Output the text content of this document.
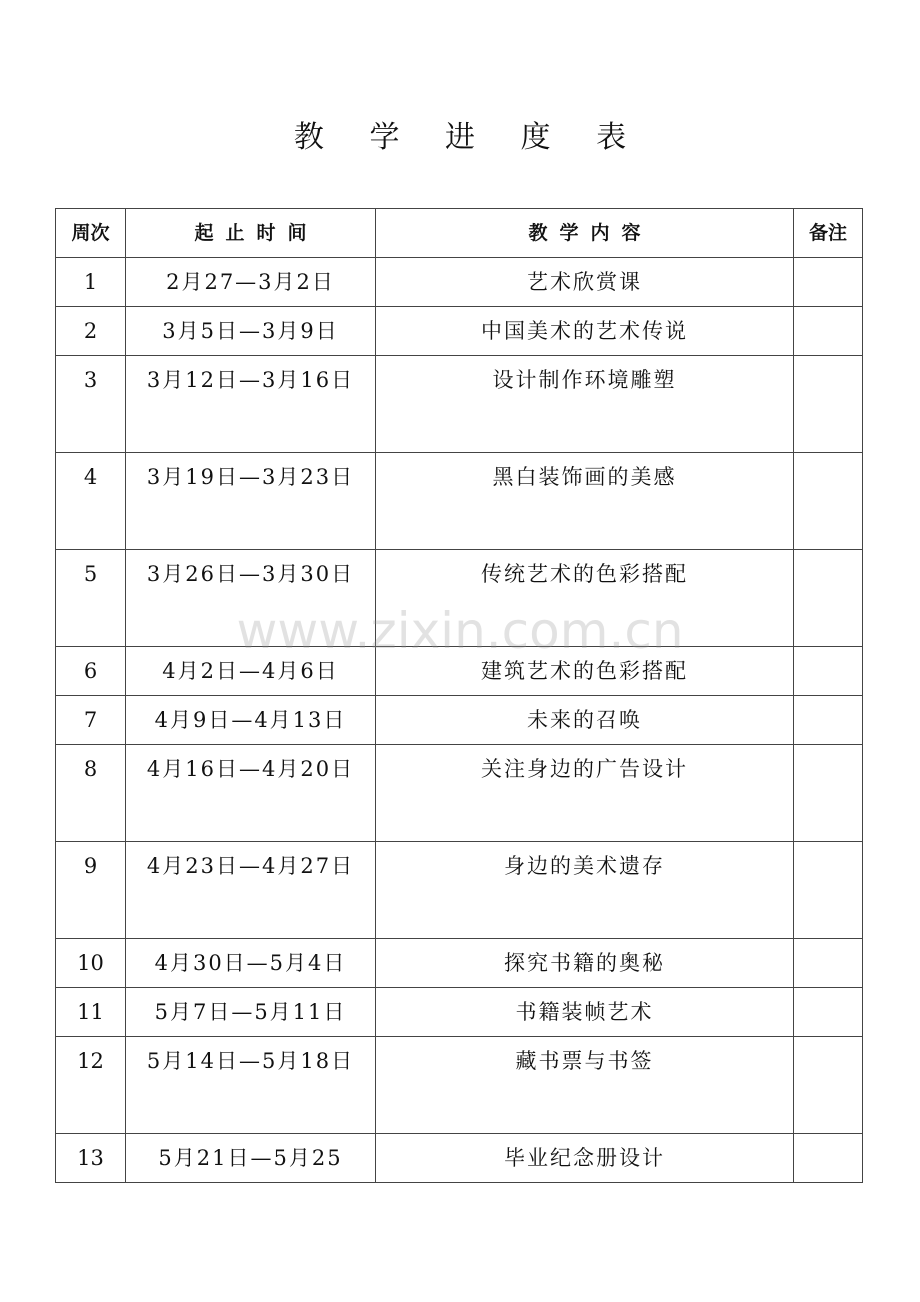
教 学 进 度 表
周次	起止时间	教学内容	备注
1	2月27—3月2日	艺术欣赏课	
2	3月5日—3月9日	中国美术的艺术传说	
3	3月12日—3月16日	设计制作环境雕塑	
4	3月19日—3月23日	黑白装饰画的美感	
5	3月26日—3月30日	传统艺术的色彩搭配	
6	4月2日—4月6日	建筑艺术的色彩搭配	
7	4月9日—4月13日	未来的召唤	
8	4月16日—4月20日	关注身边的广告设计	
9	4月23日—4月27日	身边的美术遗存	
10	4月30日—5月4日	探究书籍的奥秘	
11	5月7日—5月11日	书籍装帧艺术	
12	5月14日—5月18日	藏书票与书签	
13	5月21日—5月25	毕业纪念册设计	
www.zixin.com.cn
